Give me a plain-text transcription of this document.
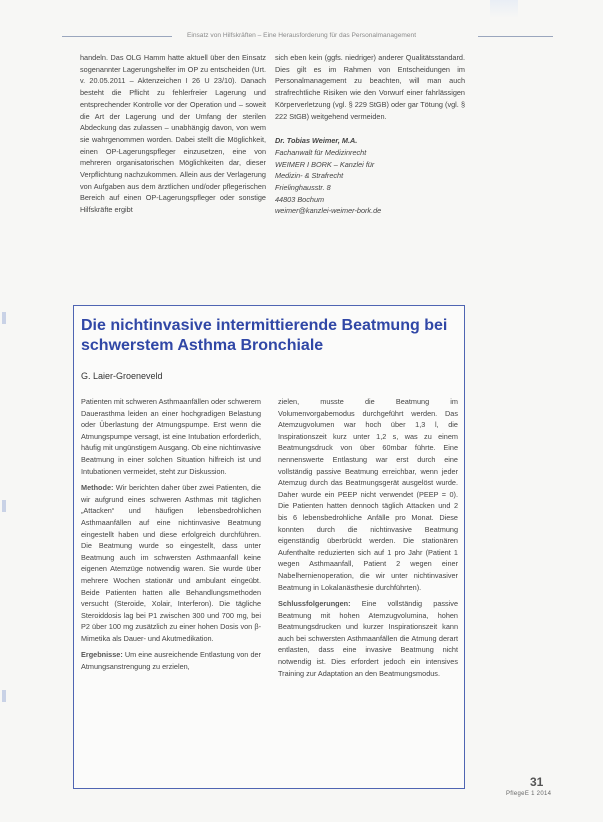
Einsatz von Hilfskräften – Eine Herausforderung für das Personalmanagement

handeln. Das OLG Hamm hatte aktuell über den Einsatz sogenannter Lagerungshelfer im OP zu entscheiden (Urt. v. 20.05.2011 – Aktenzeichen I 26 U 23/10). Danach besteht die Pflicht zu fehlerfreier Lagerung und entsprechender Kontrolle vor der Operation und – soweit die Art der Lagerung und der Umfang der sterilen Abdeckung das zulassen – unabhängig davon, von wem sie wahrgenommen worden. Dabei stellt die Möglichkeit, einen OP-Lagerungspfleger einzusetzen, eine von mehreren organisatorischen Möglichkeiten dar, dieser Verpflichtung nachzukommen. Allein aus der Verlagerung von Aufgaben aus dem ärztlichen und/oder pflegerischen Bereich auf einen OP-Lagerungspfleger oder sonstige Hilfskräfte ergibt

sich eben kein (ggfs. niedriger) anderer Qualitätsstandard. Dies gilt es im Rahmen von Entscheidungen im Personalmanagement zu beachten, will man auch strafrechtliche Risiken wie den Vorwurf einer fahrlässigen Körperverletzung (vgl. § 229 StGB) oder gar Tötung (vgl. § 222 StGB) weitgehend vermeiden.

Dr. Tobias Weimer, M.A.
Fachanwalt für Medizinrecht
WEIMER I BORK – Kanzlei für
Medizin- & Strafrecht
Frielinghausstr. 8
44803 Bochum
weimer@kanzlei-weimer-bork.de
Die nichtinvasive intermittierende Beatmung bei schwerstem Asthma Bronchiale
G. Laier-Groeneveld

Patienten mit schweren Asthmaanfällen oder schwerem Dauerasthma leiden an einer hochgradigen Belastung oder Überlastung der Atmungspumpe. Erst wenn die Atmungspumpe versagt, ist eine Intubation erforderlich, häufig mit ungünstigem Ausgang. Ob eine nichtinvasive Beatmung in einer solchen Situation hilfreich ist und Intubationen vermeidet, steht zur Diskussion.

Methode: Wir berichten daher über zwei Patienten, die wir aufgrund eines schweren Asthmas mit täglichen „Attacken“ und häufigen lebensbedrohlichen Asthmaanfällen auf eine nichtinvasive Beatmung eingestellt haben und diese erfolgreich durchführen. Die Beatmung wurde so eingestellt, dass unter Beatmung auch im schwersten Asthmaanfall keine eigenen Atemzüge notwendig waren. Sie wurde über mehrere Wochen stationär und ambulant eingeübt. Beide Patienten hatten alle Behandlungsmethoden versucht (Steroide, Xolair, Interferon). Die tägliche Steroiddosis lag bei P1 zwischen 300 und 700 mg, bei P2 über 100 mg zusätzlich zu einer hohen Dosis von β-Mimetika als Dauer- und Akutmedikation.

Ergebnisse: Um eine ausreichende Entlastung von der Atmungsanstrengung zu erzielen,

zielen, musste die Beatmung im Volumenvorgabemodus durchgeführt werden. Das Atemzugvolumen war hoch über 1,3 l, die Inspirationszeit kurz unter 1,2 s, was zu einem Beatmungsdruck von über 60mbar führte. Eine nennenswerte Entlastung war erst durch eine vollständig passive Beatmung erreichbar, wenn jeder Atemzug durch das Beatmungsgerät ausgelöst wurde. Daher wurde ein PEEP nicht verwendet (PEEP = 0). Die Patienten hatten dennoch täglich Attacken und 2 bis 6 lebensbedrohliche Anfälle pro Monat. Diese konnten durch die nichtinvasive Beatmung eigenständig überbrückt werden. Die stationären Aufenthalte reduzierten sich auf 1 pro Jahr (Patient 1 wegen Asthmaanfall, Patient 2 wegen einer Nabelhernienoperation, die wir unter nichtinvasiver Beatmung in Lokalanästhesie durchführten).

Schlussfolgerungen: Eine vollständig passive Beatmung mit hohen Atemzugvolumina, hohen Beatmungsdrucken und kurzer Inspirationszeit kann auch bei schwersten Asthmaanfällen die Atmung derart entlasten, dass eine invasive Beatmung nicht notwendig ist. Dies erfordert jedoch ein intensives Training zur Adaptation an den Beatmungsmodus.

31
PflegeE 1 2014
